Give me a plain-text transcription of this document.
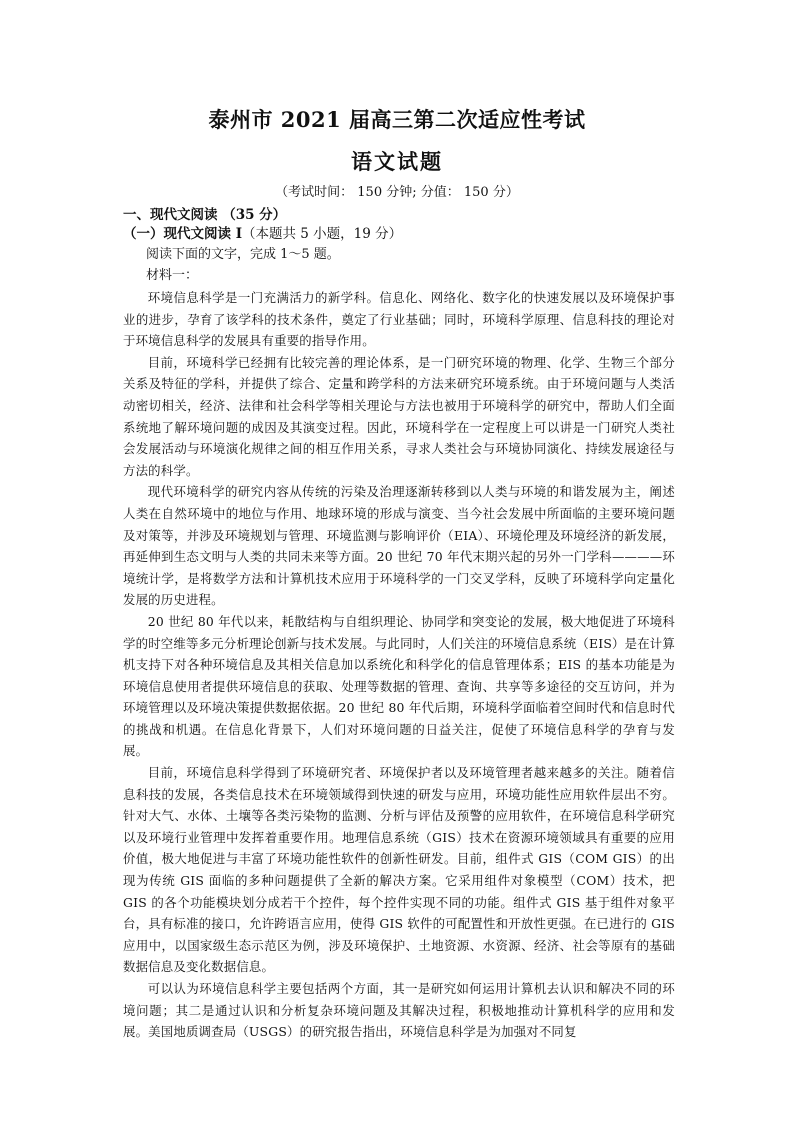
泰州市 2021 届高三第二次适应性考试
语文试题
（考试时间： 150 分钟; 分值： 150 分）
一、现代文阅读 （35 分）
（一）现代文阅读 I（本题共 5 小题，19 分）
阅读下面的文字，完成 1～5 题。
材料一：

环境信息科学是一门充满活力的新学科。信息化、网络化、数字化的快速发展以及环境保护事业的进步，孕育了该学科的技术条件，奠定了行业基础；同时，环境科学原理、信息科技的理论对于环境信息科学的发展具有重要的指导作用。

目前，环境科学已经拥有比较完善的理论体系，是一门研究环境的物理、化学、生物三个部分关系及特征的学科，并提供了综合、定量和跨学科的方法来研究环境系统。由于环境问题与人类活动密切相关，经济、法律和社会科学等相关理论与方法也被用于环境科学的研究中，帮助人们全面系统地了解环境问题的成因及其演变过程。因此，环境科学在一定程度上可以讲是一门研究人类社会发展活动与环境演化规律之间的相互作用关系，寻求人类社会与环境协同演化、持续发展途径与方法的科学。

现代环境科学的研究内容从传统的污染及治理逐渐转移到以人类与环境的和谐发展为主，阐述人类在自然环境中的地位与作用、地球环境的形成与演变、当今社会发展中所面临的主要环境问题及对策等，并涉及环境规划与管理、环境监测与影响评价（EIA）、环境伦理及环境经济的新发展，再延伸到生态文明与人类的共同未来等方面。20 世纪 70 年代末期兴起的另外一门学科————环境统计学，是将数学方法和计算机技术应用于环境科学的一门交叉学科，反映了环境科学向定量化发展的历史进程。

20 世纪 80 年代以来，耗散结构与自组织理论、协同学和突变论的发展，极大地促进了环境科学的时空维等多元分析理论创新与技术发展。与此同时，人们关注的环境信息系统（EIS）是在计算机支持下对各种环境信息及其相关信息加以系统化和科学化的信息管理体系；EIS 的基本功能是为环境信息使用者提供环境信息的获取、处理等数据的管理、查询、共享等多途径的交互访问，并为环境管理以及环境决策提供数据依据。20 世纪 80 年代后期，环境科学面临着空间时代和信息时代的挑战和机遇。在信息化背景下，人们对环境问题的日益关注，促使了环境信息科学的孕育与发展。

目前，环境信息科学得到了环境研究者、环境保护者以及环境管理者越来越多的关注。随着信息科技的发展，各类信息技术在环境领域得到快速的研发与应用，环境功能性应用软件层出不穷。针对大气、水体、土壤等各类污染物的监测、分析与评估及预警的应用软件，在环境信息科学研究以及环境行业管理中发挥着重要作用。地理信息系统（GIS）技术在资源环境领域具有重要的应用价值，极大地促进与丰富了环境功能性软件的创新性研发。目前，组件式 GIS（COM GIS）的出现为传统 GIS 面临的多种问题提供了全新的解决方案。它采用组件对象模型（COM）技术，把 GIS 的各个功能模块划分成若干个控件，每个控件实现不同的功能。组件式 GIS 基于组件对象平台，具有标准的接口，允许跨语言应用，使得 GIS 软件的可配置性和开放性更强。在已进行的 GIS 应用中，以国家级生态示范区为例，涉及环境保护、土地资源、水资源、经济、社会等原有的基础数据信息及变化数据信息。

可以认为环境信息科学主要包括两个方面，其一是研究如何运用计算机去认识和解决不同的环境问题；其二是通过认识和分析复杂环境问题及其解决过程，积极地推动计算机科学的应用和发展。美国地质调查局（USGS）的研究报告指出，环境信息科学是为加强对不同复
